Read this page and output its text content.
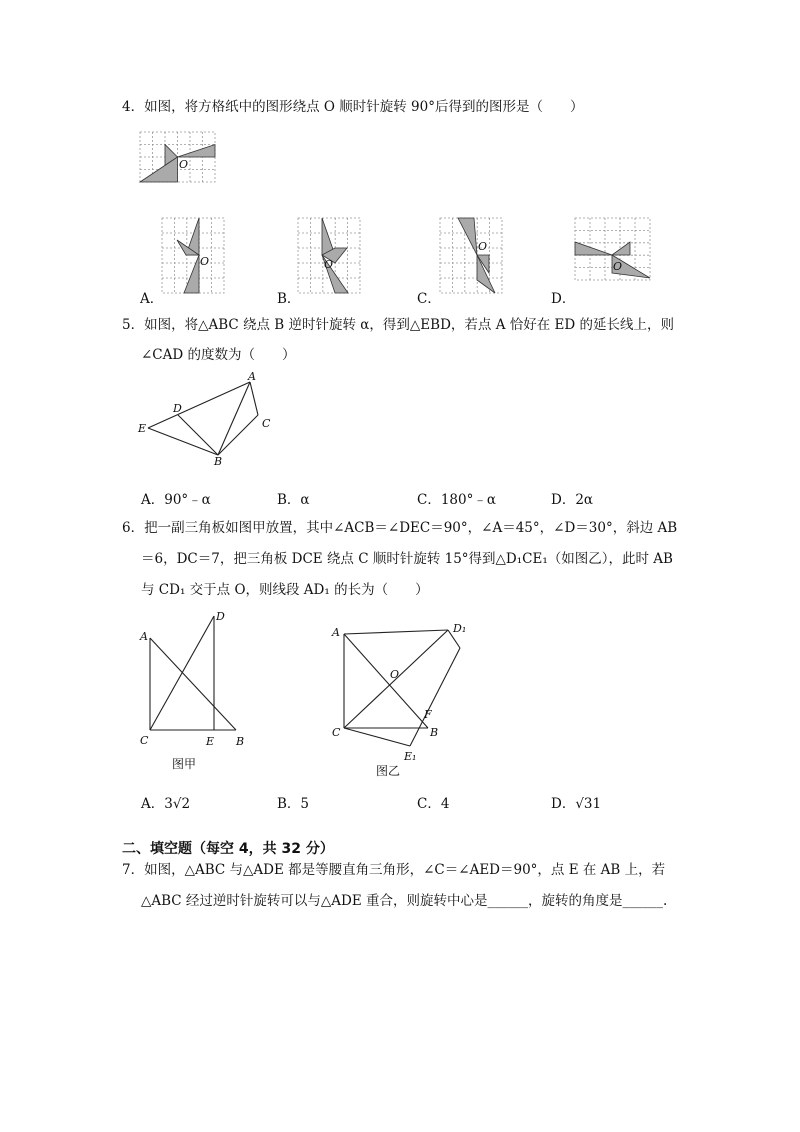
4．如图，将方格纸中的图形绕点 O 顺时针旋转 90°后得到的图形是（　　）
O
A．
O
B．
O
C．
O
D．
O
5．如图，将△ABC 绕点 B 逆时针旋转 α，得到△EBD，若点 A 恰好在 ED 的延长线上，则
∠CAD 的度数为（　　）
A
B
C
D
E
A．90°﹣α	B．α	C．180°﹣α	D．2α
6．把一副三角板如图甲放置，其中∠ACB＝∠DEC＝90°，∠A＝45°，∠D＝30°，斜边 AB
＝6，DC＝7，把三角板 DCE 绕点 C 顺时针旋转 15°得到△D₁CE₁（如图乙），此时 AB
与 CD₁ 交于点 O，则线段 AD₁ 的长为（　　）
A
D
C	E B
图甲
A	D₁
O
F
C	B
E₁
图乙
A．3√2	B．5	C．4	D．√31
二、填空题（每空 4，共 32 分）
7．如图，△ABC 与△ADE 都是等腰直角三角形，∠C＝∠AED＝90°，点 E 在 AB 上，若
△ABC 经过逆时针旋转可以与△ADE 重合，则旋转中心是______，旋转的角度是______.
